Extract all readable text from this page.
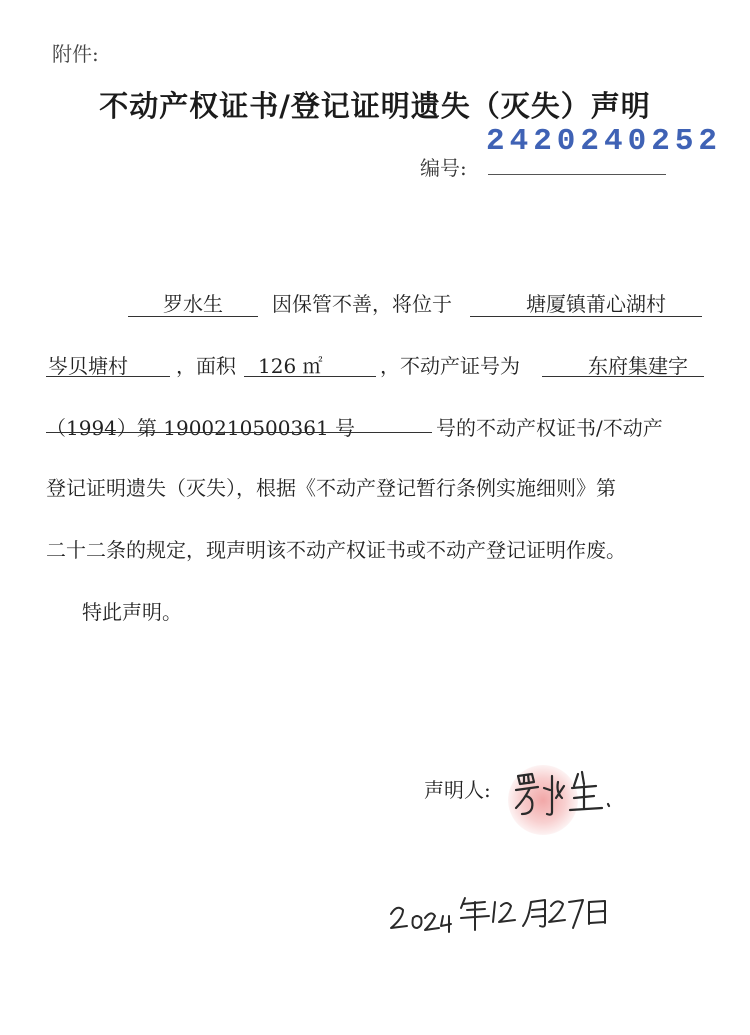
附件:
不动产权证书/登记证明遗失（灭失）声明
编号:
2420240252
罗水生 因保管不善，将位于	塘厦镇莆心湖村
岑贝塘村 ，面积 126 ㎡	，不动产证号为	东府集建字
（1994）第 1900210500361 号	号的不动产权证书/不动产
登记证明遗失（灭失），根据《不动产登记暂行条例实施细则》第
二十二条的规定，现声明该不动产权证书或不动产登记证明作废。
特此声明。
声明人:
